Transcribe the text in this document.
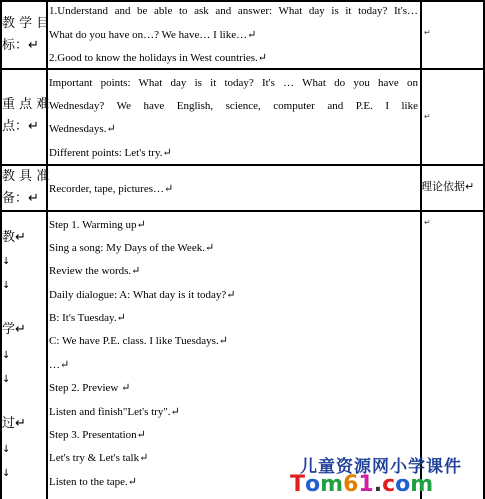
教 学 目
标：↵
1.Understand and be able to ask and answer: What day is it today? It's…
What do you have on…? We have… I like…↵
2.Good to know the holidays in West countries.↵
↵
重 点 难
点：↵
Important points: What day is it today? It's … What do you have on
Wednesday? We have English, science, computer and P.E. I like
Wednesdays.↵
Different points: Let's try.↵
↵
教 具 准
备：↵
Recorder, tape, pictures…↵	理论依据↵
教↵
↓
↓
学↵
↓
↓
过↵
↓
↓
Step 1. Warming up↵
Sing a song: My Days of the Week.↵
Review the words.↵
Daily dialogue: A: What day is it today?↵
B: It's Tuesday.↵
C: We have P.E. class. I like Tuesdays.↵
…↵
Step 2. Preview ↵
Listen and finish"Let's try".↵
Step 3. Presentation↵
Let's try & Let's talk↵
Listen to the tape.↵
↵
儿童资源网小学课件
Tom61.com
